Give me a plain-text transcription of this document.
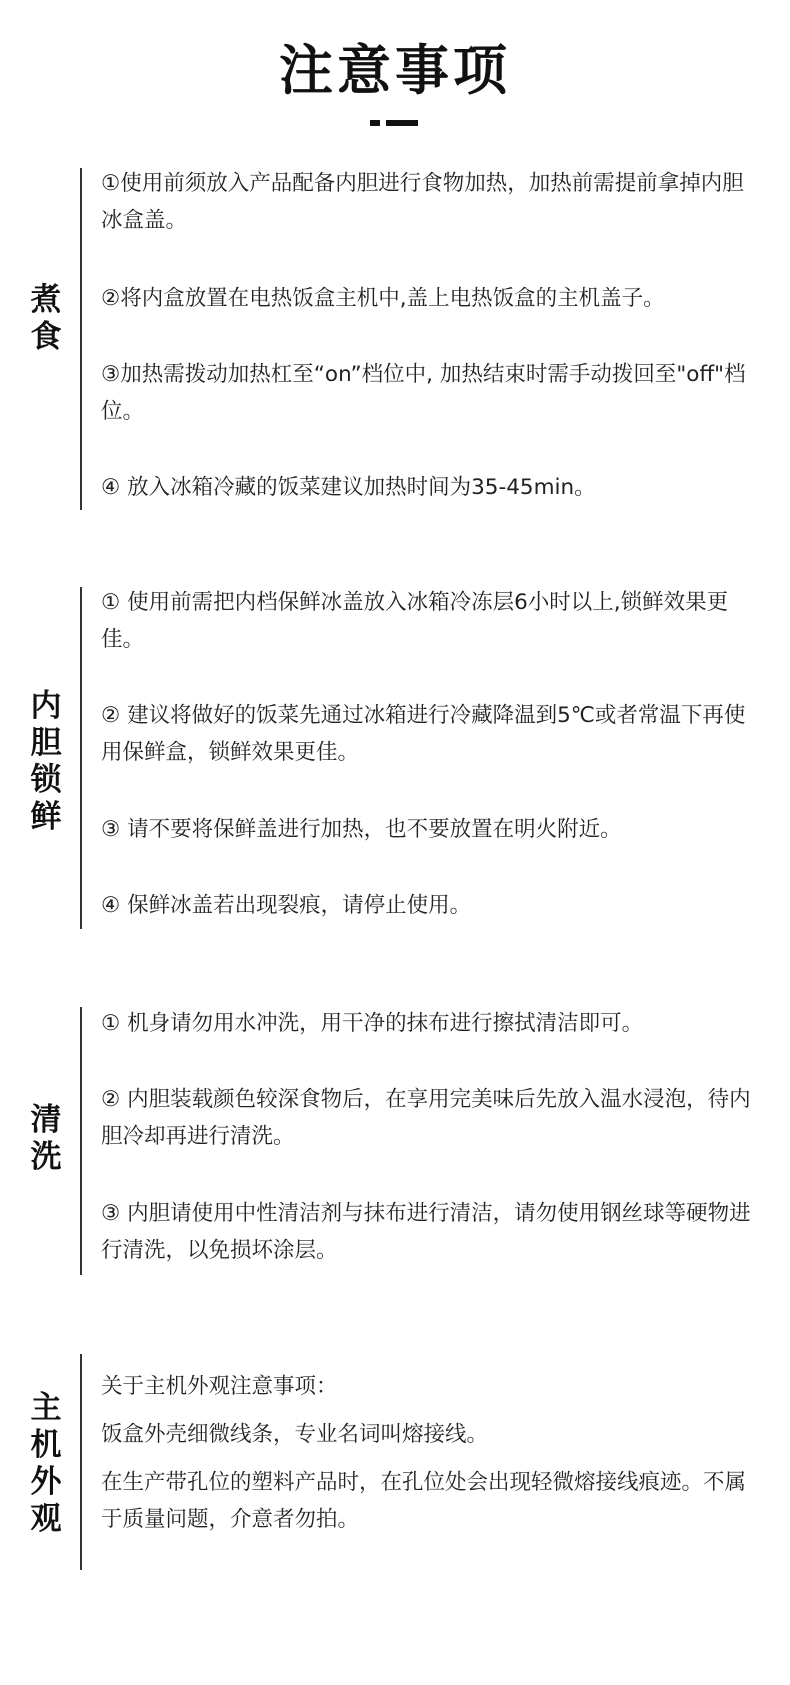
注意事项
煮
食
①使用前须放入产品配备内胆进行食物加热，加热前需提前拿掉内胆冰盒盖。
②将内盒放置在电热饭盒主机中,盖上电热饭盒的主机盖子。
③加热需拨动加热杠至“on”档位中, 加热结束时需手动拨回至"off"档位。
④ 放入冰箱冷藏的饭菜建议加热时间为35-45min。
内
胆
锁
鲜
① 使用前需把内档保鲜冰盖放入冰箱冷冻层6小时以上,锁鲜效果更佳。
② 建议将做好的饭菜先通过冰箱进行冷藏降温到5℃或者常温下再使用保鲜盒，锁鲜效果更佳。
③ 请不要将保鲜盖进行加热，也不要放置在明火附近。
④ 保鲜冰盖若出现裂痕，请停止使用。
清
洗
① 机身请勿用水冲洗，用干净的抹布进行擦拭清洁即可。
② 内胆装载颜色较深食物后，在享用完美味后先放入温水浸泡，待内胆冷却再进行清洗。
③ 内胆请使用中性清洁剂与抹布进行清洁，请勿使用钢丝球等硬物进行清洗，以免损坏涂层。
主
机
外
观
关于主机外观注意事项：
饭盒外壳细微线条，专业名词叫熔接线。
在生产带孔位的塑料产品时，在孔位处会出现轻微熔接线痕迹。不属于质量问题，介意者勿拍。
